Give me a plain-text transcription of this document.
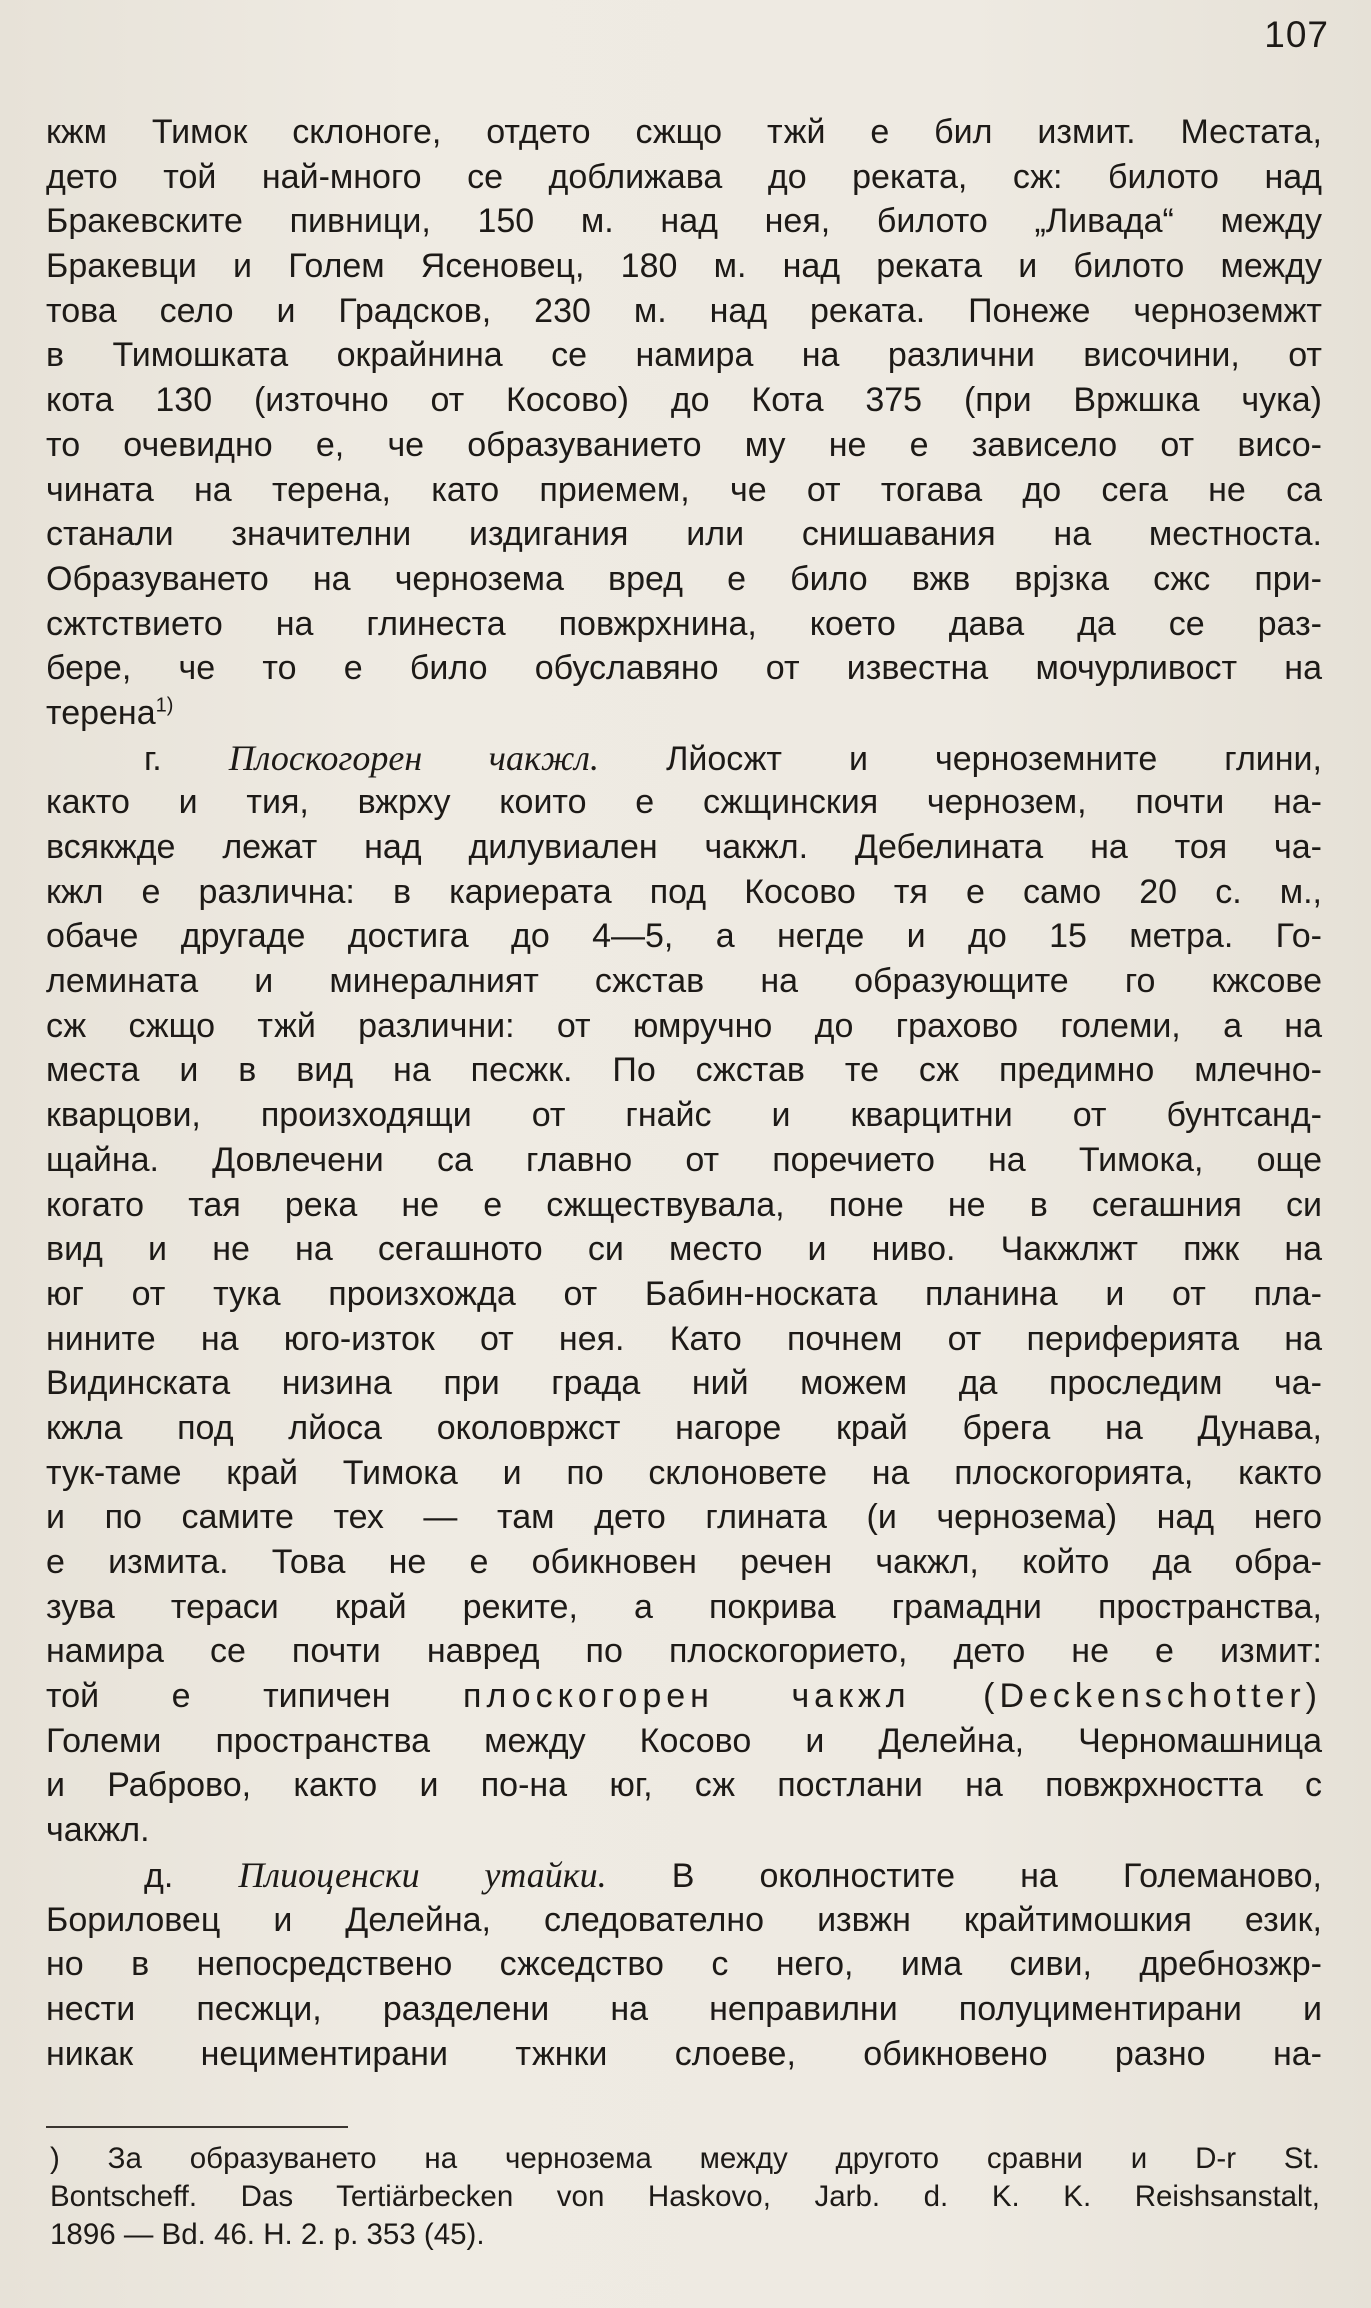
107
кжм Тимок склоноге, отдето сжщо тжй е бил измит. Местата,
дето той най-много се доближава до реката, сж: билото над
Бракевските пивници, 150 м. над нея, билото „Ливада“ между
Бракевци и Голем Ясеновец, 180 м. над реката и билото между
това село и Градсков, 230 м. над реката. Понеже черноземжт
в Тимошката окрайнина се намира на различни височини, от
кота 130 (източно от Косово) до Кота 375 (при Вржшка чука)
то очевидно е, че образуванието му не е зависело от висо-
чината на терена, като приемем, че от тогава до сега не са
станали значителни издигания или снишавания на местноста.
Образуването на чернозема вред е било вжв врjзка сжс при-
сжтствието на глинеста повжрхнина, което дава да се раз-
бере, че то е било обуславяно от известна мочурливост на
терена$^{1)}$
г. Плоскогорен чакжл. Лйосжт и черноземните глини,
както и тия, вжрху които е сжщинския чернозем, почти на-
всякжде лежат над дилувиален чакжл. Дебелината на тоя ча-
кжл е различна: в кариерата под Косово тя е само 20 с. м.,
обаче другаде достига до 4—5, а негде и до 15 метра. Го-
лемината и минералният сжстав на образующите го кжсове
сж сжщо тжй различни: от юмручно до грахово големи, а на
места и в вид на песжк. По сжстав те сж предимно млечно-
кварцови, произходящи от гнайс и кварцитни от бунтсанд-
щайна. Довлечени са главно от поречието на Тимока, още
когато тая река не е сжществувала, поне не в сегашния си
вид и не на сегашното си место и ниво. Чакжлжт пжк на
юг от тука произхожда от Бабин-носката планина и от пла-
нините на юго-изток от нея. Като почнем от периферията на
Видинската низина при града ний можем да проследим ча-
кжла под лйоса околовржст нагоре край брега на Дунава,
тук-таме край Тимока и по склоновете на плоскогорията, както
и по самите тех — там дето глината (и чернозема) над него
е измита. Това не е обикновен речен чакжл, който да обра-
зува тераси край реките, а покрива грамадни пространства,
намира се почти навред по плоскогорието, дето не е измит:
той е типичен плоскогорен чакжл (Deckenschotter)
Големи пространства между Косово и Делейна, Черномашница
и Раброво, както и по-на юг, сж постлани на повжрхността с
чакжл.
д. Плиоценски утайки. В околностите на Големаново,
Бориловец и Делейна, следователно извжн крайтимошкия език,
но в непосредствено сжседство с него, има сиви, дребнозжр-
нести песжци, разделени на неправилни полуциментирани и
никак нециментирани тжнки слоеве, обикновено разно на-
) За образуването на чернозема между другото сравни и D-r St.
Bontscheff. Das Tertiärbecken von Haskovo, Jarb. d. K. K. Reishsanstalt,
1896 — Bd. 46. H. 2. p. 353 (45).
